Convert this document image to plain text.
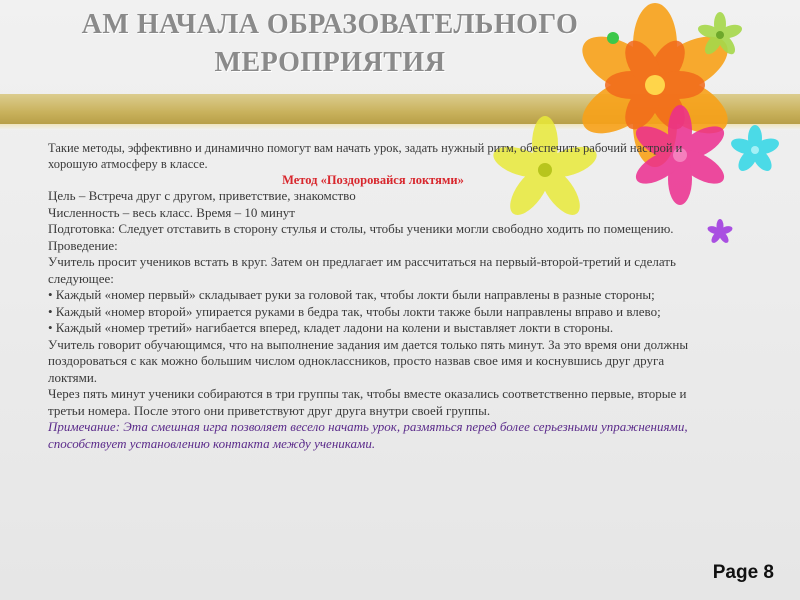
АМ НАЧАЛА ОБРАЗОВАТЕЛЬНОГО
МЕРОПРИЯТИЯ

Такие методы, эффективно и динамично помогут вам начать урок, задать нужный ритм, обеспечить рабочий настрой и хорошую атмосферу в классе.

Метод «Поздоровайся локтями»

Цель – Встреча друг с другом, приветствие, знакомство

Численность – весь класс. Время – 10 минут

Подготовка: Следует отставить в сторону стулья и столы, чтобы ученики могли свободно ходить по помещению.

Проведение:

Учитель просит учеников встать в круг. Затем он предлагает им рассчитаться на первый-второй-третий и сделать следующее:

• Каждый «номер первый» складывает руки за головой так, чтобы локти были направлены в разные стороны;

• Каждый «номер второй» упирается руками в бедра так, чтобы локти также были направлены вправо и влево;

• Каждый «номер третий» нагибается вперед, кладет ладони на колени и выставляет локти в стороны.

Учитель говорит обучающимся, что на выполнение задания им дается только пять минут. За это время они должны поздороваться с как можно большим числом одноклассников, просто назвав свое имя и коснувшись друг друга локтями.

Через пять минут ученики собираются в три группы так, чтобы вместе оказались соответственно первые, вторые и третьи номера. После этого они приветствуют друг друга внутри своей группы.

Примечание: Эта смешная игра позволяет весело начать урок, размяться перед более серьезными упражнениями, способствует установлению контакта между учениками.

Page 8
